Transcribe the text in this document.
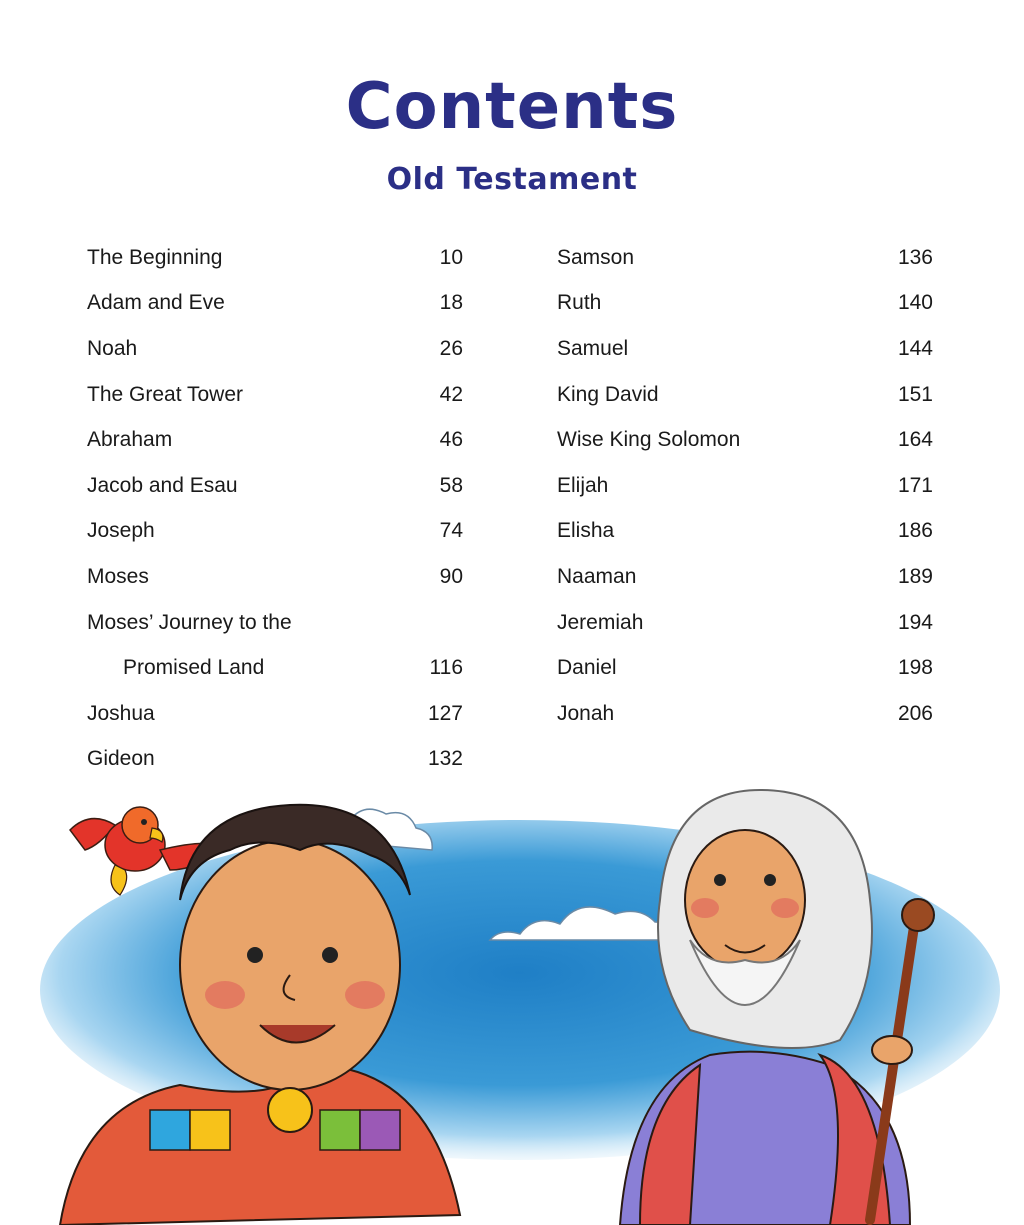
Contents
Old Testament
The Beginning	10
Adam and Eve	18
Noah	26
The Great Tower	42
Abraham	46
Jacob and Esau	58
Joseph	74
Moses	90
Moses’ Journey to the
Promised Land	116
Joshua	127
Gideon	132
Samson	136
Ruth	140
Samuel	144
King David	151
Wise King Solomon	164
Elijah	171
Elisha	186
Naaman	189
Jeremiah	194
Daniel	198
Jonah	206
